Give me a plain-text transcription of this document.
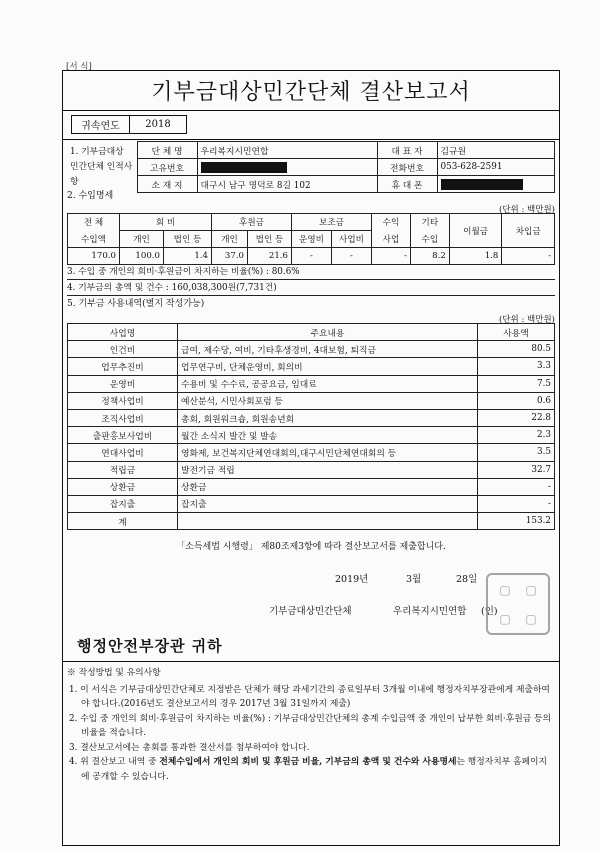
[서 식]
기부금대상민간단체 결산보고서
귀속연도	2018
1. 기부금대상 민간단체 인적사항	단 체 명	우리복지시민연합	대 표 자	김규원
	고유번호		전화번호	053-628-2591
	소 재 지	대구시 남구 명덕로 8길 102	휴 대 폰	
2. 수입명세
(단위 : 백만원)
전 체	회 비		후원금		보조금		수익	기타	이월금	차입금
수입액	개인	법인 등	개인	법인 등	운영비	사업비	사업	수입		
170.0	100.0	1.4	37.0	21.6	-	-	-	8.2	1.8	-
3. 수입 중 개인의 회비·후원금이 차지하는 비율(%) : 80.6%
4. 기부금의 총액 및 건수 : 160,038,300원(7,731건)
5. 기부금 사용내역(별지 작성가능)
(단위 : 백만원)
사업명	주요내용	사용액
인건비	급여, 제수당, 여비, 기타후생경비, 4대보험, 퇴직금	80.5
업무추진비	업무연구비, 단체운영비, 회의비	3.3
운영비	수용비 및 수수료, 공공요금, 임대료	7.5
정책사업비	예산분석, 시민사회포럼 등	0.6
조직사업비	총회, 회원워크숍, 회원송년회	22.8
출판홍보사업비	월간 소식지 발간 및 발송	2.3
연대사업비	영화제, 보건복지단체연대회의,대구시민단체연대회의 등	3.5
적립금	발전기금 적립	32.7
상환금	상환금	-
잡지출	잡지출	-
계		153.2
「소득세법 시행령」 제80조제3항에 따라 결산보고서를 제출합니다.
2019년	3월	28일
기부금대상민간단체	우리복지시민연합 (인)
▢	▢
▢	▢
행정안전부장관 귀하
※ 작성방법 및 유의사항
1. 이 서식은 기부금대상민간단체로 지정받은 단체가 해당 과세기간의 종료일부터 3개월 이내에 행정자치부장관에게 제출하여야 합니다.(2016년도 결산보고서의 경우 2017년 3월 31일까지 제출)
2. 수입 중 개인의 회비·후원금이 차지하는 비율(%) : 기부금대상민간단체의 총계 수입금액 중 개인이 납부한 회비·후원금 등의 비율을 적습니다.
3. 결산보고서에는 총회를 통과한 결산서를 첨부하여야 합니다.
4. 위 결산보고 내역 중 전체수입에서 개인의 회비 및 후원금 비율, 기부금의 총액 및 건수와 사용명세는 행정자치부 홈페이지에 공개할 수 있습니다.
